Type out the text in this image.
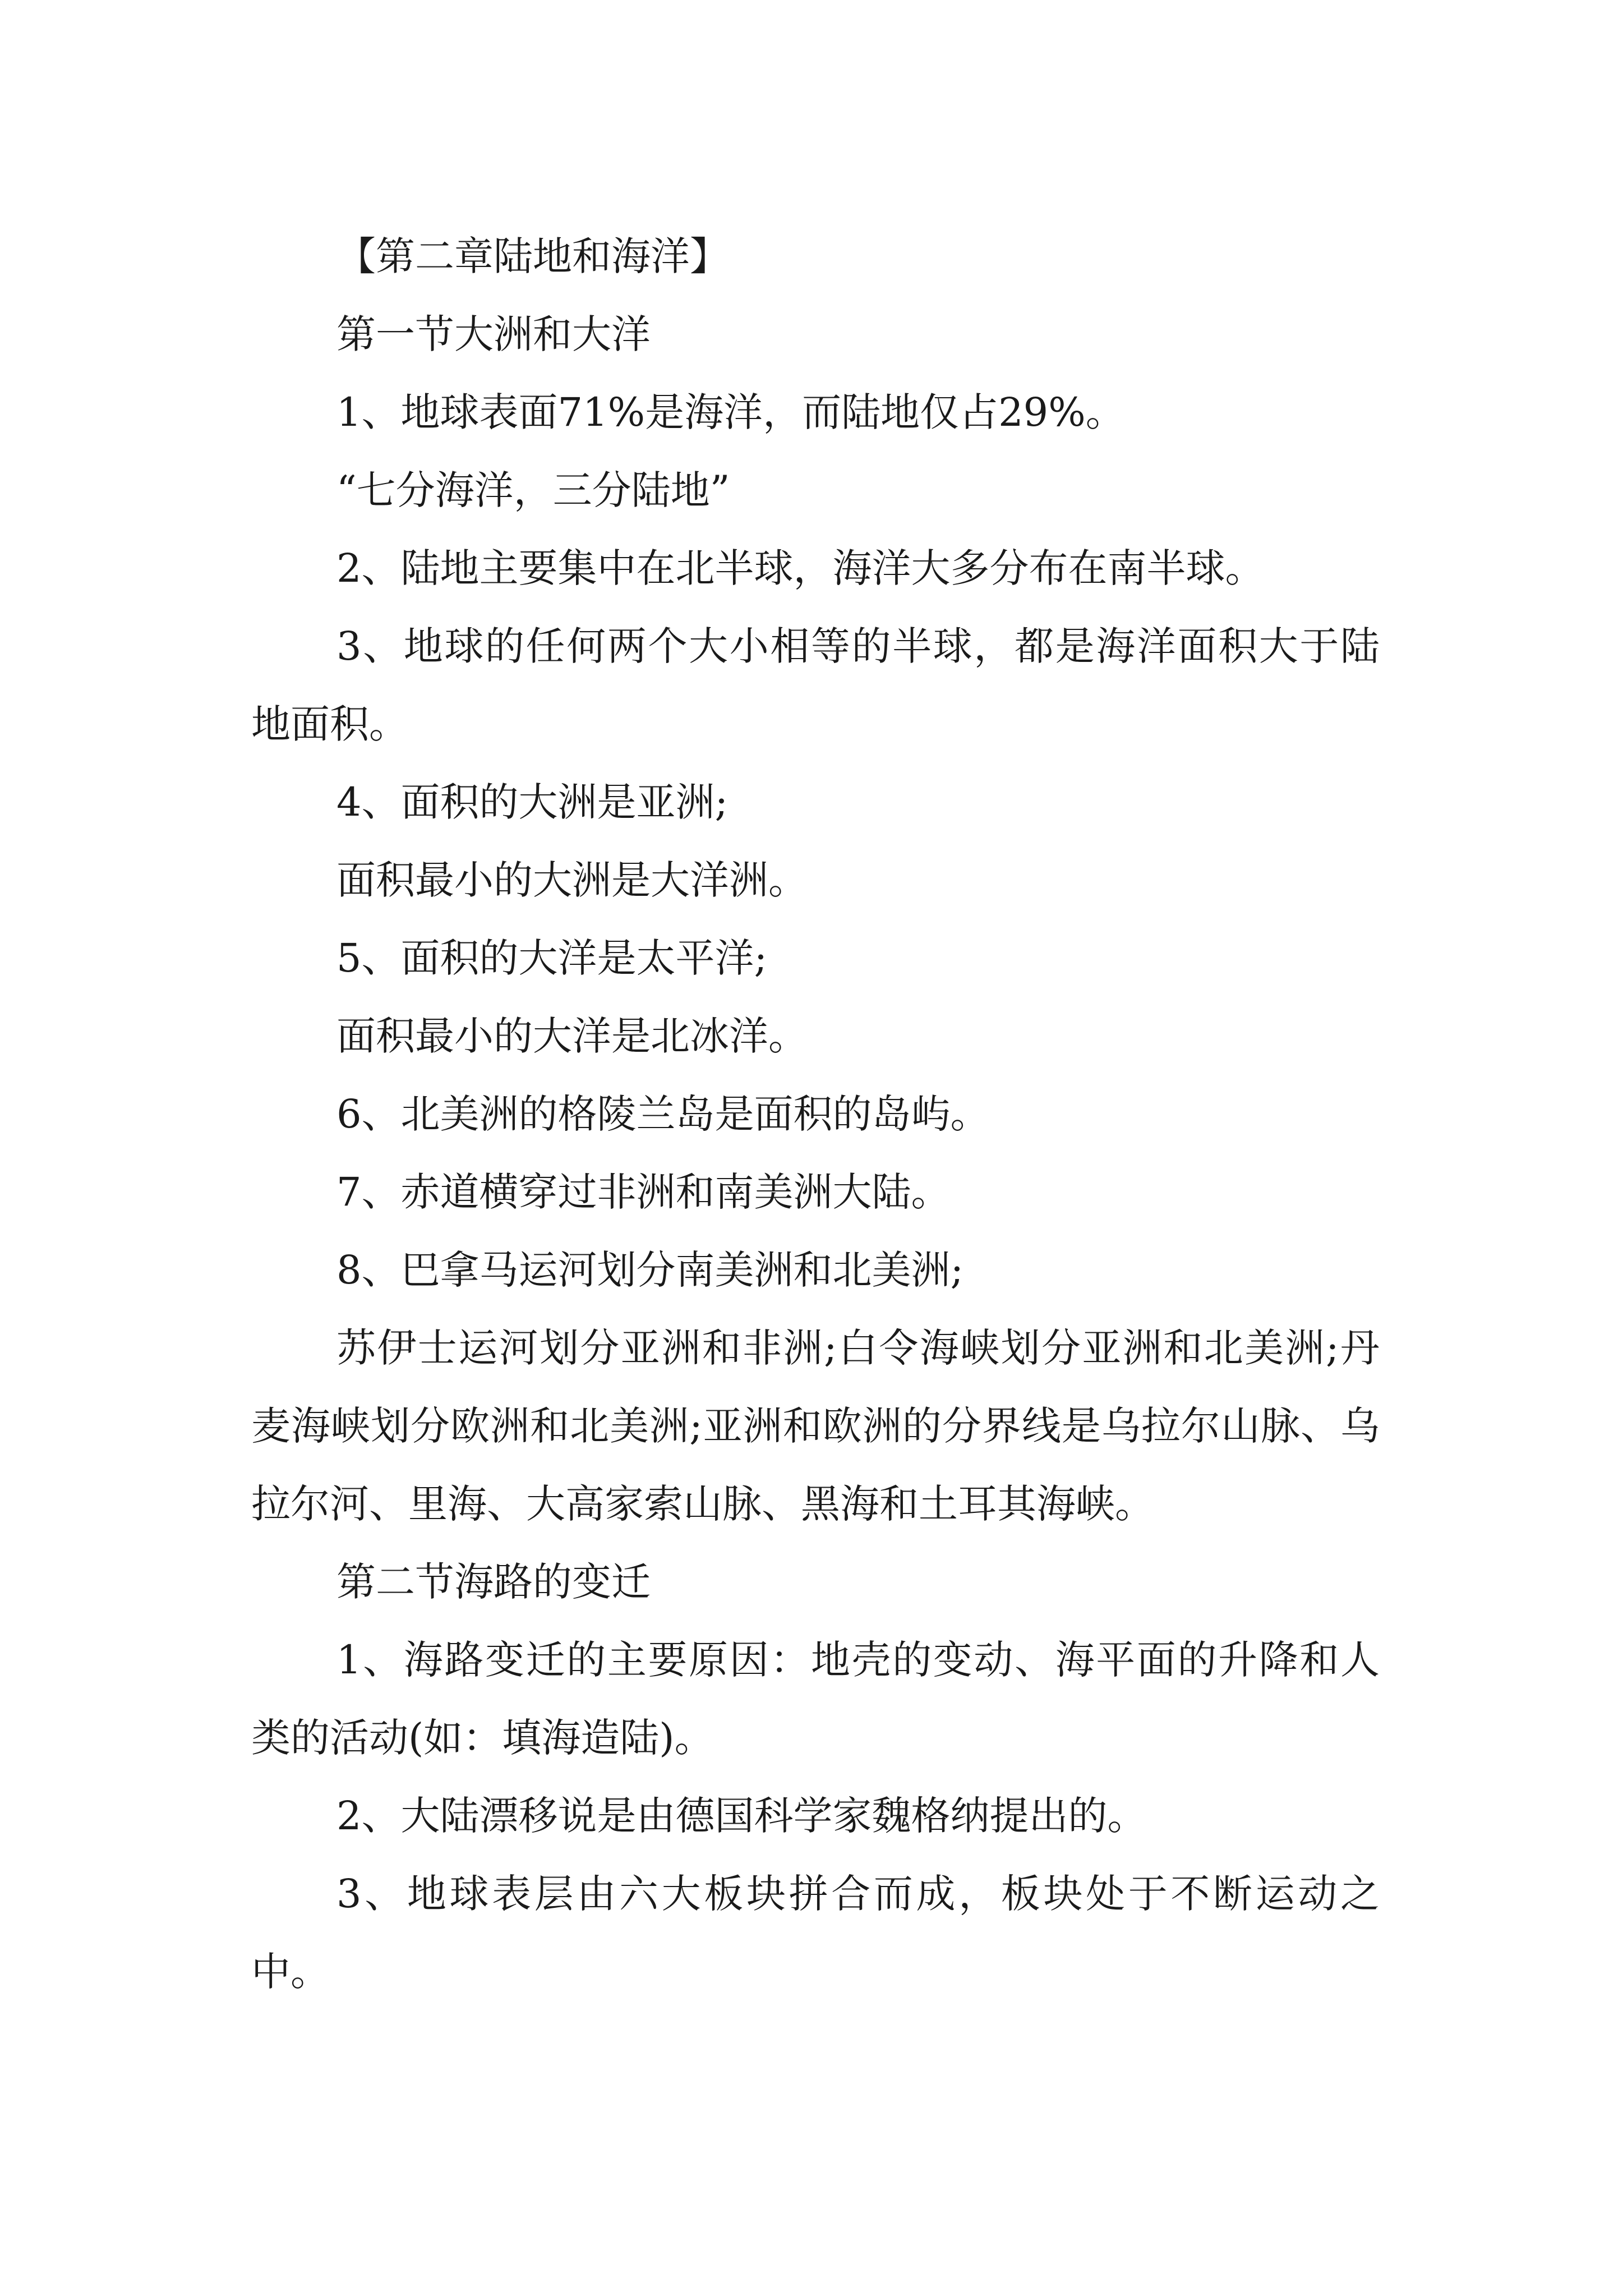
【第二章陆地和海洋】

第一节大洲和大洋

1、地球表面71%是海洋，而陆地仅占29%。

“七分海洋，三分陆地”

2、陆地主要集中在北半球，海洋大多分布在南半球。

3、地球的任何两个大小相等的半球，都是海洋面积大于陆地面积。

4、面积的大洲是亚洲;

面积最小的大洲是大洋洲。

5、面积的大洋是太平洋;

面积最小的大洋是北冰洋。

6、北美洲的格陵兰岛是面积的岛屿。

7、赤道横穿过非洲和南美洲大陆。

8、巴拿马运河划分南美洲和北美洲;

苏伊士运河划分亚洲和非洲;白令海峡划分亚洲和北美洲;丹麦海峡划分欧洲和北美洲;亚洲和欧洲的分界线是乌拉尔山脉、乌拉尔河、里海、大高家索山脉、黑海和土耳其海峡。

第二节海路的变迁

1、海路变迁的主要原因：地壳的变动、海平面的升降和人类的活动(如：填海造陆)。

2、大陆漂移说是由德国科学家魏格纳提出的。

3、地球表层由六大板块拼合而成，板块处于不断运动之中。
